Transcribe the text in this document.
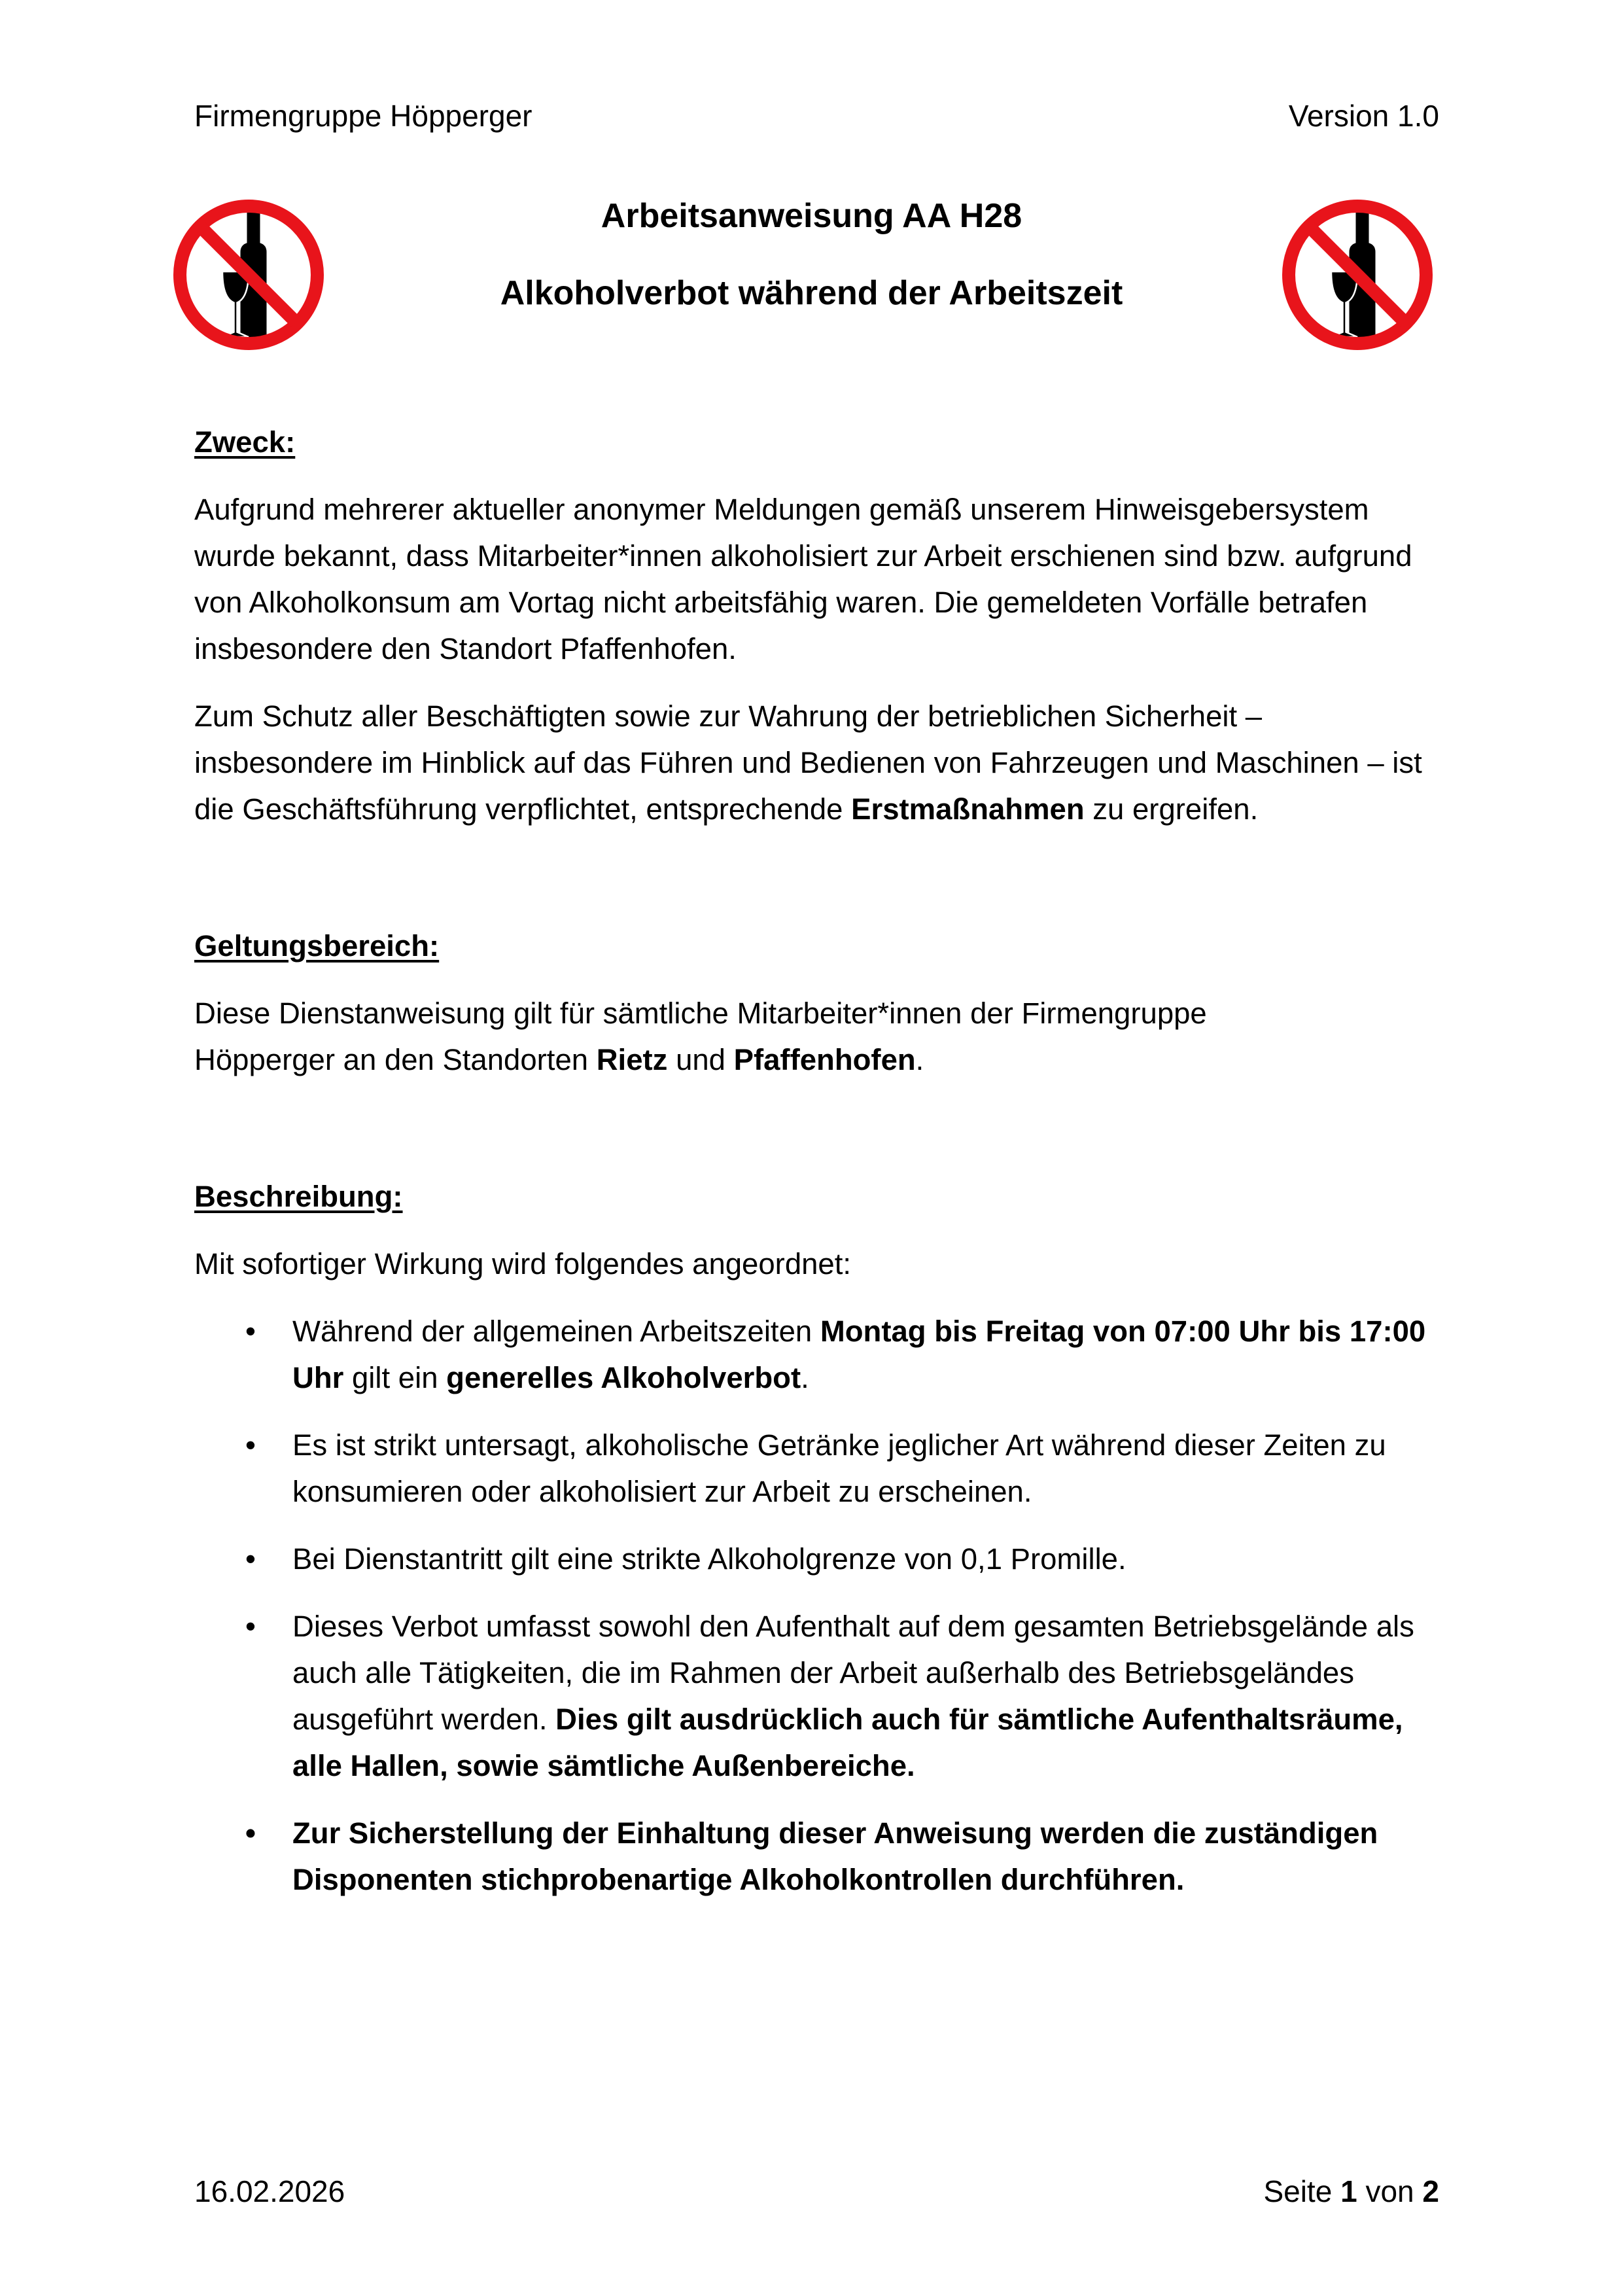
Firmengruppe Höpperger	Version 1.0
Arbeitsanweisung AA H28
Alkoholverbot während der Arbeitszeit

Zweck:

Aufgrund mehrerer aktueller anonymer Meldungen gemäß unserem Hinweisgebersystem wurde bekannt, dass Mitarbeiter*innen alkoholisiert zur Arbeit erschienen sind bzw. aufgrund von Alkoholkonsum am Vortag nicht arbeitsfähig waren. Die gemeldeten Vorfälle betrafen insbesondere den Standort Pfaffenhofen.

Zum Schutz aller Beschäftigten sowie zur Wahrung der betrieblichen Sicherheit – insbesondere im Hinblick auf das Führen und Bedienen von Fahrzeugen und Maschinen – ist die Geschäftsführung verpflichtet, entsprechende Erstmaßnahmen zu ergreifen.

Geltungsbereich:

Diese Dienstanweisung gilt für sämtliche Mitarbeiter*innen der Firmengruppe Höpperger an den Standorten Rietz und Pfaffenhofen.

Beschreibung:

Mit sofortiger Wirkung wird folgendes angeordnet:

• Während der allgemeinen Arbeitszeiten Montag bis Freitag von 07:00 Uhr bis 17:00 Uhr gilt ein generelles Alkoholverbot.
• Es ist strikt untersagt, alkoholische Getränke jeglicher Art während dieser Zeiten zu konsumieren oder alkoholisiert zur Arbeit zu erscheinen.
• Bei Dienstantritt gilt eine strikte Alkoholgrenze von 0,1 Promille.
• Dieses Verbot umfasst sowohl den Aufenthalt auf dem gesamten Betriebsgelände als auch alle Tätigkeiten, die im Rahmen der Arbeit außerhalb des Betriebsgeländes ausgeführt werden. Dies gilt ausdrücklich auch für sämtliche Aufenthaltsräume, alle Hallen, sowie sämtliche Außenbereiche.
• Zur Sicherstellung der Einhaltung dieser Anweisung werden die zuständigen Disponenten stichprobenartige Alkoholkontrollen durchführen.
16.02.2026	Seite 1 von 2
